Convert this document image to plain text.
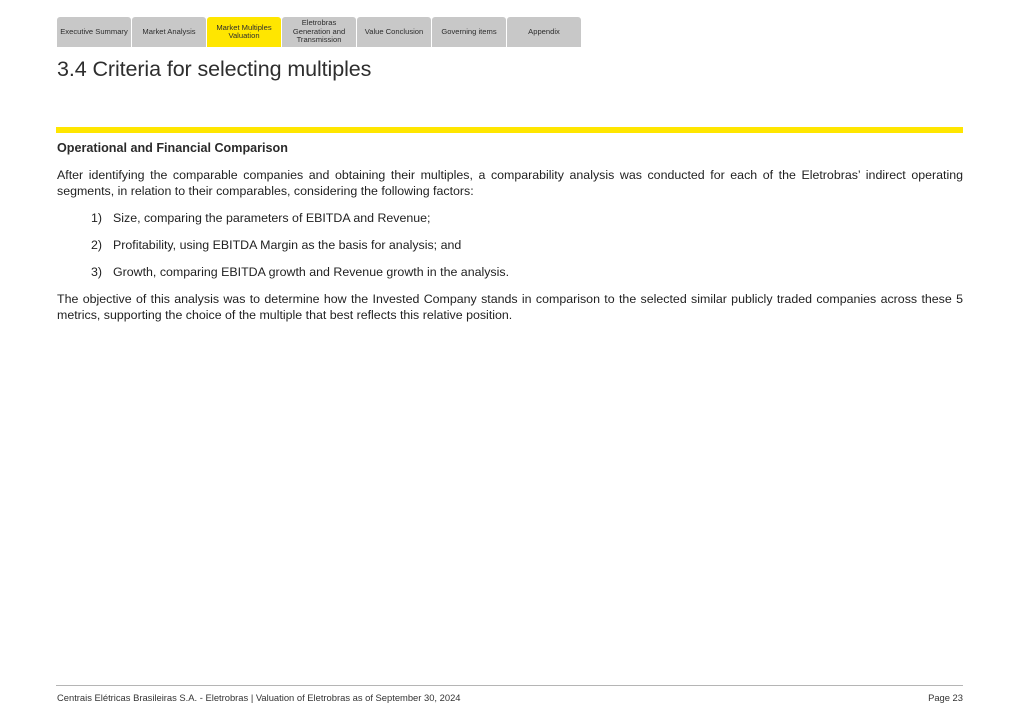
Executive Summary	Market Analysis	Market Multiples Valuation
Eletrobras Generation and Transmission
Value Conclusion	Governing items	Appendix
3.4 Criteria for selecting multiples
Operational and Financial Comparison

After identifying the comparable companies and obtaining their multiples, a comparability analysis was conducted for each of the Eletrobras’ indirect operating segments, in relation to their comparables, considering the following factors:

1) Size, comparing the parameters of EBITDA and Revenue;
2) Profitability, using EBITDA Margin as the basis for analysis; and
3) Growth, comparing EBITDA growth and Revenue growth in the analysis.

The objective of this analysis was to determine how the Invested Company stands in comparison to the selected similar publicly traded companies across these 5 metrics, supporting the choice of the multiple that best reflects this relative position.

Centrais Elétricas Brasileiras S.A. - Eletrobras | Valuation of Eletrobras as of September 30, 2024	Page 23
